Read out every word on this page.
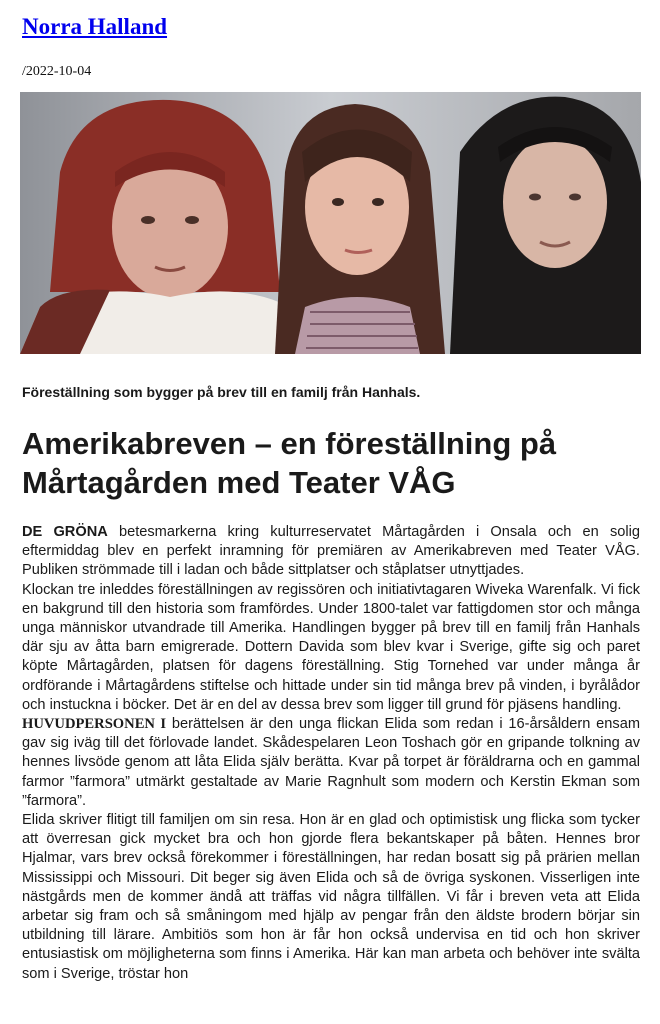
Norra Halland
/2022-10-04

Föreställning som bygger på brev till en familj från Hanhals.

Amerikabreven – en föreställning på Mårtagården med Teater VÅG

DE GRÖNA betesmarkerna kring kulturreservatet Mårtagården i Onsala och en solig eftermiddag blev en perfekt inramning för premiären av Amerikabreven med Teater VÅG. Publiken strömmade till i ladan och både sittplatser och ståplatser utnyttjades.

Klockan tre inleddes föreställningen av regissören och initiativtagaren Wiveka Warenfalk. Vi fick en bakgrund till den historia som framfördes. Under 1800-talet var fattigdomen stor och många unga människor utvandrade till Amerika. Handlingen bygger på brev till en familj från Hanhals där sju av åtta barn emigrerade. Dottern Davida som blev kvar i Sverige, gifte sig och paret köpte Mårtagården, platsen för dagens föreställning. Stig Tornehed var under många år ordförande i Mårtagårdens stiftelse och hittade under sin tid många brev på vinden, i byrålådor och instuckna i böcker. Det är en del av dessa brev som ligger till grund för pjäsens handling.

HUVUDPERSONEN I berättelsen är den unga flickan Elida som redan i 16-årsåldern ensam gav sig iväg till det förlovade landet. Skådespelaren Leon Toshach gör en gripande tolkning av hennes livsöde genom att låta Elida själv berätta. Kvar på torpet är föräldrarna och en gammal farmor ”farmora” utmärkt gestaltade av Marie Ragnhult som modern och Kerstin Ekman som ”farmora”.

Elida skriver flitigt till familjen om sin resa. Hon är en glad och optimistisk ung flicka som tycker att överresan gick mycket bra och hon gjorde flera bekantskaper på båten. Hennes bror Hjalmar, vars brev också förekommer i föreställningen, har redan bosatt sig på prärien mellan Mississippi och Missouri. Dit beger sig även Elida och så de övriga syskonen. Visserligen inte nästgårds men de kommer ändå att träffas vid några tillfällen. Vi får i breven veta att Elida arbetar sig fram och så småningom med hjälp av pengar från den äldste brodern börjar sin utbildning till lärare. Ambitiös som hon är får hon också undervisa en tid och hon skriver entusiastisk om möjligheterna som finns i Amerika. Här kan man arbeta och behöver inte svälta som i Sverige, tröstar hon
